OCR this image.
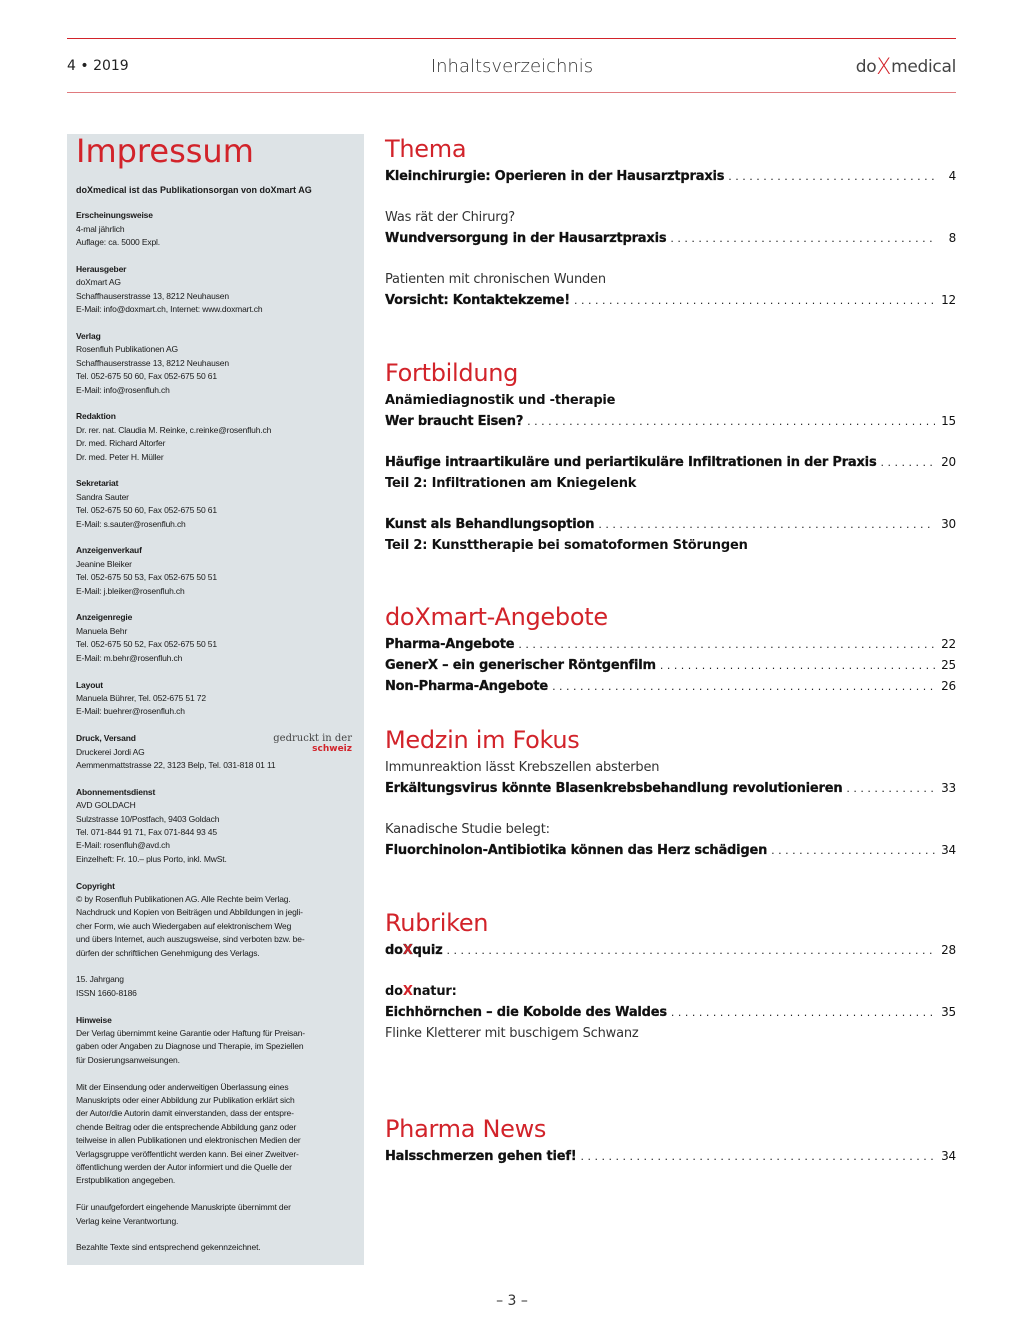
4 • 2019	Inhaltsverzeichnis	doXmedical
Impressum
doXmedical ist das Publikationsorgan von doXmart AG
Erscheinungsweise
4-mal jährlich
Auflage: ca. 5000 Expl.
Herausgeber
doXmart AG
Schaffhauserstrasse 13, 8212 Neuhausen
E-Mail: info@doxmart.ch, Internet: www.doxmart.ch
Verlag
Rosenfluh Publikationen AG
Schaffhauserstrasse 13, 8212 Neuhausen
Tel. 052-675 50 60, Fax 052-675 50 61
E-Mail: info@rosenfluh.ch
Redaktion
Dr. rer. nat. Claudia M. Reinke, c.reinke@rosenfluh.ch
Dr. med. Richard Altorfer
Dr. med. Peter H. Müller
Sekretariat
Sandra Sauter
Tel. 052-675 50 60, Fax 052-675 50 61
E-Mail: s.sauter@rosenfluh.ch
Anzeigenverkauf
Jeanine Bleiker
Tel. 052-675 50 53, Fax 052-675 50 51
E-Mail: j.bleiker@rosenfluh.ch
Anzeigenregie
Manuela Behr
Tel. 052-675 50 52, Fax 052-675 50 51
E-Mail: m.behr@rosenfluh.ch
Layout
Manuela Bührer, Tel. 052-675 51 72
E-Mail: buehrer@rosenfluh.ch
Druck, Versand
Druckerei Jordi AG
Aemmenmattstrasse 22, 3123 Belp, Tel. 031-818 01 11
Abonnementsdienst
AVD GOLDACH
Sulzstrasse 10/Postfach, 9403 Goldach
Tel. 071-844 91 71, Fax 071-844 93 45
E-Mail: rosenfluh@avd.ch
Einzelheft: Fr. 10.– plus Porto, inkl. MwSt.
Copyright
© by Rosenfluh Publikationen AG. Alle Rechte beim Verlag.
Nachdruck und Kopien von Beiträgen und Abbildungen in jegli-
cher Form, wie auch Wiedergaben auf elektronischem Weg
und übers Internet, auch auszugsweise, sind verboten bzw. be-
dürfen der schriftlichen Genehmigung des Verlags.
15. Jahrgang
ISSN 1660-8186
Hinweise
Der Verlag übernimmt keine Garantie oder Haftung für Preisan-
gaben oder Angaben zu Diagnose und Therapie, im Speziellen
für Dosierungsanweisungen.
Mit der Einsendung oder anderweitigen Überlassung eines
Manuskripts oder einer Abbildung zur Publikation erklärt sich
der Autor/die Autorin damit einverstanden, dass der entspre-
chende Beitrag oder die entsprechende Abbildung ganz oder
teilweise in allen Publikationen und elektronischen Medien der
Verlagsgruppe veröffentlicht werden kann. Bei einer Zweitver-
öffentlichung werden der Autor informiert und die Quelle der
Erstpublikation angegeben.
Für unaufgefordert eingehende Manuskripte übernimmt der
Verlag keine Verantwortung.
Bezahlte Texte sind entsprechend gekennzeichnet.
gedruckt in der
schweiz
Thema
Kleinchirurgie: Operieren in der Hausarztpraxis . . .	4
Was rät der Chirurg?
Wundversorgung in der Hausarztpraxis . . .	8
Patienten mit chronischen Wunden
Vorsicht: Kontaktekzeme! . . .	12
Fortbildung
Anämiediagnostik und -therapie
Wer braucht Eisen? . . .	15
Häufige intraartikuläre und periartikuläre Infiltrationen in der Praxis . . .	20
Teil 2: Infiltrationen am Kniegelenk
Kunst als Behandlungsoption . . .	30
Teil 2: Kunsttherapie bei somatoformen Störungen
doXmart-Angebote
Pharma-Angebote . . .	22
GenerX – ein generischer Röntgenfilm . . .	25
Non-Pharma-Angebote . . .	26
Medzin im Fokus
Immunreaktion lässt Krebszellen absterben
Erkältungsvirus könnte Blasenkrebsbehandlung revolutionieren . . .	33
Kanadische Studie belegt:
Fluorchinolon-Antibiotika können das Herz schädigen . . .	34
Rubriken
doXquiz . . .	28
doXnatur:
Eichhörnchen – die Kobolde des Waldes . . .	35
Flinke Kletterer mit buschigem Schwanz
Pharma News
Halsschmerzen gehen tief! . . .	34
– 3 –
